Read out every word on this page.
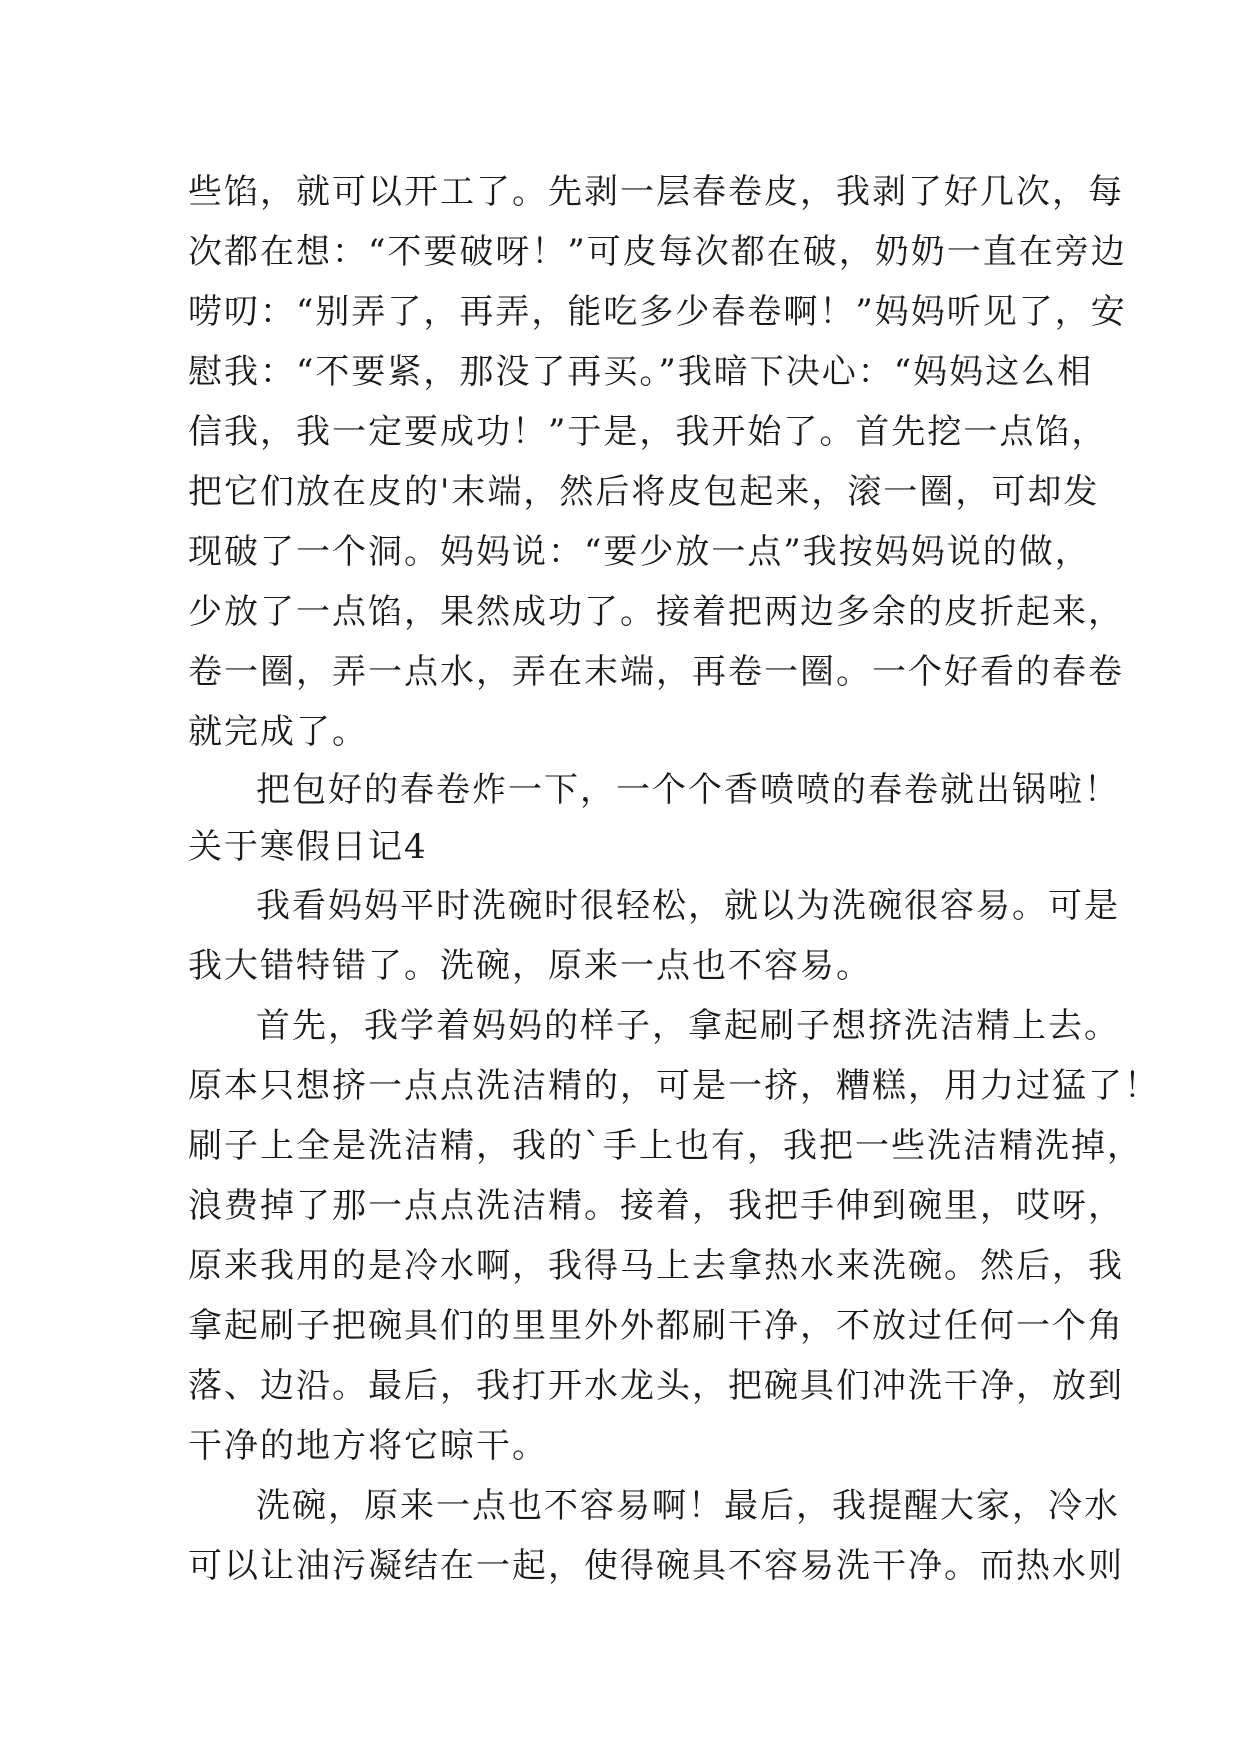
些馅，就可以开工了。先剥一层春卷皮，我剥了好几次，每
次都在想：“不要破呀！”可皮每次都在破，奶奶一直在旁边
唠叨：“别弄了，再弄，能吃多少春卷啊！”妈妈听见了，安
慰我：“不要紧，那没了再买。”我暗下决心：“妈妈这么相
信我，我一定要成功！”于是，我开始了。首先挖一点馅，
把它们放在皮的'末端，然后将皮包起来，滚一圈，可却发
现破了一个洞。妈妈说：“要少放一点”我按妈妈说的做，
少放了一点馅，果然成功了。接着把两边多余的皮折起来，
卷一圈，弄一点水，弄在末端，再卷一圈。一个好看的春卷
就完成了。
把包好的春卷炸一下，一个个香喷喷的春卷就出锅啦！
关于寒假日记4
我看妈妈平时洗碗时很轻松，就以为洗碗很容易。可是
我大错特错了。洗碗，原来一点也不容易。
首先，我学着妈妈的样子，拿起刷子想挤洗洁精上去。
原本只想挤一点点洗洁精的，可是一挤，糟糕，用力过猛了！
刷子上全是洗洁精，我的`手上也有，我把一些洗洁精洗掉，
浪费掉了那一点点洗洁精。接着，我把手伸到碗里，哎呀，
原来我用的是冷水啊，我得马上去拿热水来洗碗。然后，我
拿起刷子把碗具们的里里外外都刷干净，不放过任何一个角
落、边沿。最后，我打开水龙头，把碗具们冲洗干净，放到
干净的地方将它晾干。
洗碗，原来一点也不容易啊！最后，我提醒大家，冷水
可以让油污凝结在一起，使得碗具不容易洗干净。而热水则
